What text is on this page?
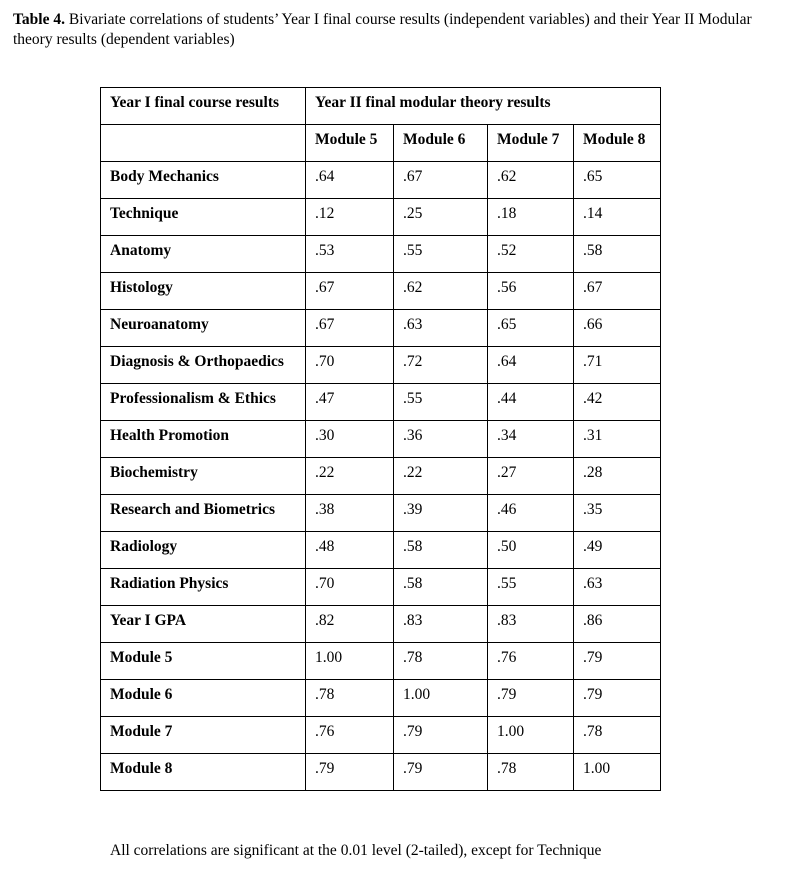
Table 4. Bivariate correlations of students’ Year I final course results (independent variables) and their Year II Modular theory results (dependent variables)
Year I final course results	Year II final modular theory results			
	Module 5	Module 6	Module 7	Module 8
Body Mechanics	.64	.67	.62	.65
Technique	.12	.25	.18	.14
Anatomy	.53	.55	.52	.58
Histology	.67	.62	.56	.67
Neuroanatomy	.67	.63	.65	.66
Diagnosis & Orthopaedics	.70	.72	.64	.71
Professionalism & Ethics	.47	.55	.44	.42
Health Promotion	.30	.36	.34	.31
Biochemistry	.22	.22	.27	.28
Research and Biometrics	.38	.39	.46	.35
Radiology	.48	.58	.50	.49
Radiation Physics	.70	.58	.55	.63
Year I GPA	.82	.83	.83	.86
Module 5	1.00	.78	.76	.79
Module 6	.78	1.00	.79	.79
Module 7	.76	.79	1.00	.78
Module 8	.79	.79	.78	1.00
All correlations are significant at the 0.01 level (2-tailed), except for Technique
